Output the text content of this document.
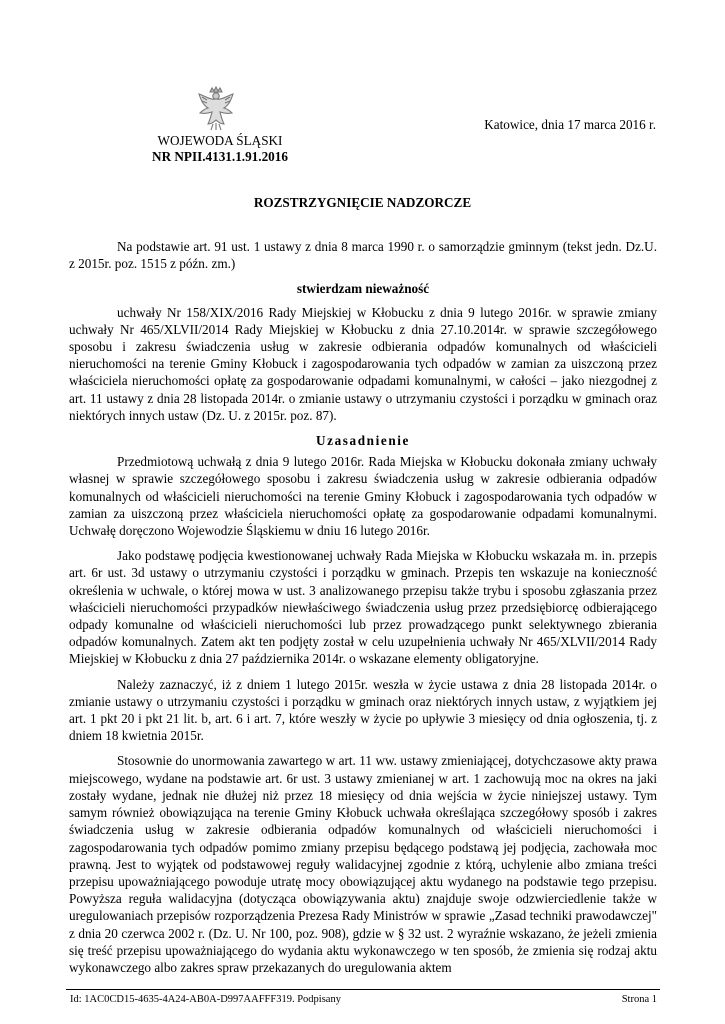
WOJEWODA ŚLĄSKI
NR NPII.4131.1.91.2016
Katowice, dnia 17 marca 2016 r.
ROZSTRZYGNIĘCIE NADZORCZE

Na podstawie art. 91 ust. 1 ustawy z dnia 8 marca 1990 r. o samorządzie gminnym (tekst jedn. Dz.U. z 2015r. poz. 1515 z późn. zm.)

stwierdzam nieważność

uchwały Nr 158/XIX/2016 Rady Miejskiej w Kłobucku z dnia 9 lutego 2016r. w sprawie zmiany uchwały Nr 465/XLVII/2014 Rady Miejskiej w Kłobucku z dnia 27.10.2014r. w sprawie szczegółowego sposobu i zakresu świadczenia usług w zakresie odbierania odpadów komunalnych od właścicieli nieruchomości na terenie Gminy Kłobuck i zagospodarowania tych odpadów w zamian za uiszczoną przez właściciela nieruchomości opłatę za gospodarowanie odpadami komunalnymi, w całości – jako niezgodnej z art. 11 ustawy z dnia 28 listopada 2014r. o zmianie ustawy o utrzymaniu czystości i porządku w gminach oraz niektórych innych ustaw (Dz. U. z 2015r. poz. 87).

Uzasadnienie

Przedmiotową uchwałą z dnia 9 lutego 2016r. Rada Miejska w Kłobucku dokonała zmiany uchwały własnej w sprawie szczegółowego sposobu i zakresu świadczenia usług w zakresie odbierania odpadów komunalnych od właścicieli nieruchomości na terenie Gminy Kłobuck i zagospodarowania tych odpadów w zamian za uiszczoną przez właściciela nieruchomości opłatę za gospodarowanie odpadami komunalnymi. Uchwałę doręczono Wojewodzie Śląskiemu w dniu 16 lutego 2016r.

Jako podstawę podjęcia kwestionowanej uchwały Rada Miejska w Kłobucku wskazała m. in. przepis art. 6r ust. 3d ustawy o utrzymaniu czystości i porządku w gminach. Przepis ten wskazuje na konieczność określenia w uchwale, o której mowa w ust. 3 analizowanego przepisu także trybu i sposobu zgłaszania przez właścicieli nieruchomości przypadków niewłaściwego świadczenia usług przez przedsiębiorcę odbierającego odpady komunalne od właścicieli nieruchomości lub przez prowadzącego punkt selektywnego zbierania odpadów komunalnych. Zatem akt ten podjęty został w celu uzupełnienia uchwały Nr 465/XLVII/2014 Rady Miejskiej w Kłobucku z dnia 27 października 2014r. o wskazane elementy obligatoryjne.

Należy zaznaczyć, iż z dniem 1 lutego 2015r. weszła w życie ustawa z dnia 28 listopada 2014r. o zmianie ustawy o utrzymaniu czystości i porządku w gminach oraz niektórych innych ustaw, z wyjątkiem jej art. 1 pkt 20 i pkt 21 lit. b, art. 6 i art. 7, które weszły w życie po upływie 3 miesięcy od dnia ogłoszenia, tj. z dniem 18 kwietnia 2015r.

Stosownie do unormowania zawartego w art. 11 ww. ustawy zmieniającej, dotychczasowe akty prawa miejscowego, wydane na podstawie art. 6r ust. 3 ustawy zmienianej w art. 1 zachowują moc na okres na jaki zostały wydane, jednak nie dłużej niż przez 18 miesięcy od dnia wejścia w życie niniejszej ustawy. Tym samym również obowiązująca na terenie Gminy Kłobuck uchwała określająca szczegółowy sposób i zakres świadczenia usług w zakresie odbierania odpadów komunalnych od właścicieli nieruchomości i zagospodarowania tych odpadów pomimo zmiany przepisu będącego podstawą jej podjęcia, zachowała moc prawną. Jest to wyjątek od podstawowej reguły walidacyjnej zgodnie z którą, uchylenie albo zmiana treści przepisu upoważniającego powoduje utratę mocy obowiązującej aktu wydanego na podstawie tego przepisu. Powyższa reguła walidacyjna (dotycząca obowiązywania aktu) znajduje swoje odzwierciedlenie także w uregulowaniach przepisów rozporządzenia Prezesa Rady Ministrów w sprawie „Zasad techniki prawodawczej" z dnia 20 czerwca 2002 r. (Dz. U. Nr 100, poz. 908), gdzie w § 32 ust. 2 wyraźnie wskazano, że jeżeli zmienia się treść przepisu upoważniającego do wydania aktu wykonawczego w ten sposób, że zmienia się rodzaj aktu wykonawczego albo zakres spraw przekazanych do uregulowania aktem

Id: 1AC0CD15-4635-4A24-AB0A-D997AAFFF319. Podpisany	Strona 1
